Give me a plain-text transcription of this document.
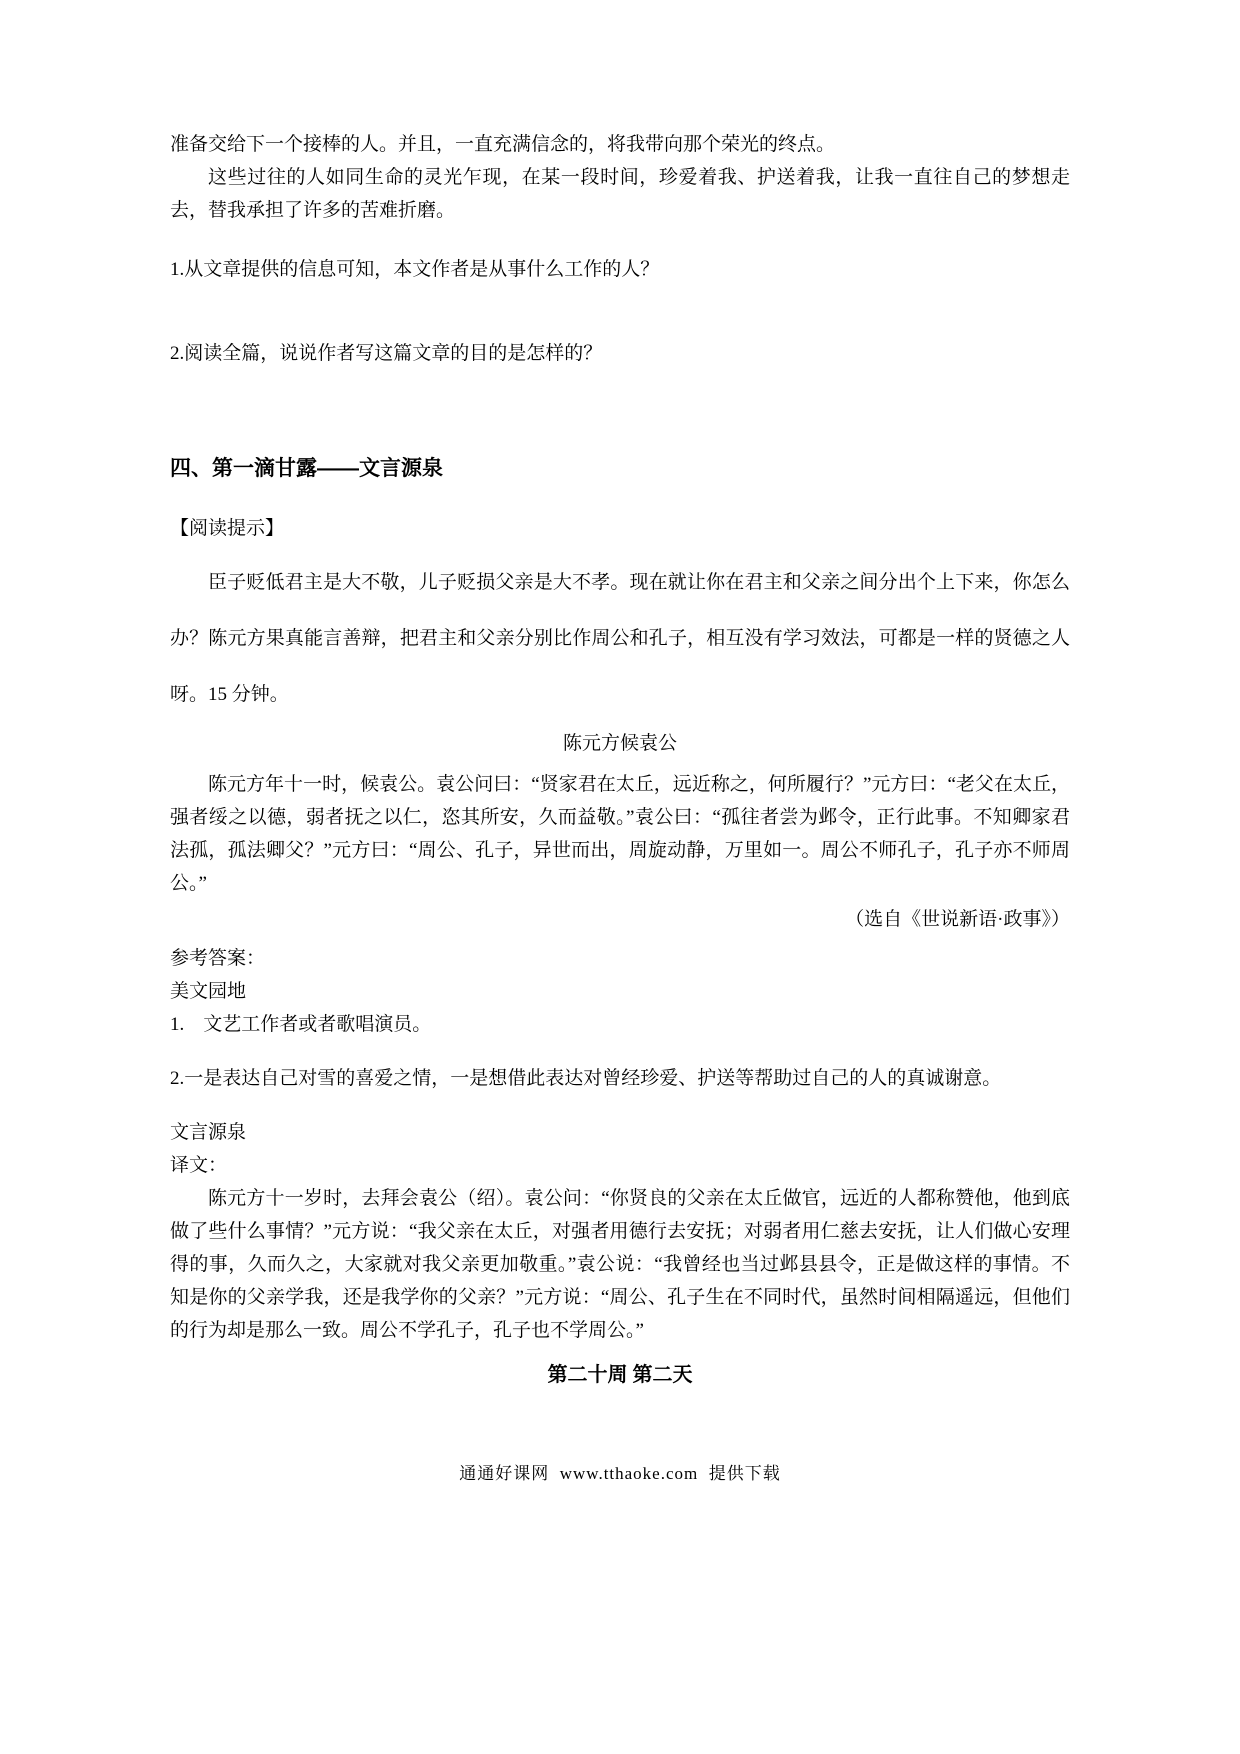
准备交给下一个接棒的人。并且，一直充满信念的，将我带向那个荣光的终点。

这些过往的人如同生命的灵光乍现，在某一段时间，珍爱着我、护送着我，让我一直往自己的梦想走去，替我承担了许多的苦难折磨。

1.从文章提供的信息可知，本文作者是从事什么工作的人？

2.阅读全篇，说说作者写这篇文章的目的是怎样的？

四、第一滴甘露——文言源泉

【阅读提示】

臣子贬低君主是大不敬，儿子贬损父亲是大不孝。现在就让你在君主和父亲之间分出个上下来，你怎么办？陈元方果真能言善辩，把君主和父亲分别比作周公和孔子，相互没有学习效法，可都是一样的贤德之人呀。15 分钟。

陈元方候袁公

陈元方年十一时，候袁公。袁公问曰：“贤家君在太丘，远近称之，何所履行？”元方曰：“老父在太丘，强者绥之以德，弱者抚之以仁，恣其所安，久而益敬。”袁公曰：“孤往者尝为邺令，正行此事。不知卿家君法孤，孤法卿父？”元方曰：“周公、孔子，异世而出，周旋动静，万里如一。周公不师孔子，孔子亦不师周公。”

（选自《世说新语·政事》）

参考答案：

美文园地

1.　文艺工作者或者歌唱演员。

2.一是表达自己对雪的喜爱之情，一是想借此表达对曾经珍爱、护送等帮助过自己的人的真诚谢意。

文言源泉

译文：

陈元方十一岁时，去拜会袁公（绍）。袁公问：“你贤良的父亲在太丘做官，远近的人都称赞他，他到底做了些什么事情？”元方说：“我父亲在太丘，对强者用德行去安抚；对弱者用仁慈去安抚，让人们做心安理得的事，久而久之，大家就对我父亲更加敬重。”袁公说：“我曾经也当过邺县县令，正是做这样的事情。不知是你的父亲学我，还是我学你的父亲？”元方说：“周公、孔子生在不同时代，虽然时间相隔遥远，但他们的行为却是那么一致。周公不学孔子，孔子也不学周公。”

第二十周 第二天

通通好课网  www.tthaoke.com  提供下载
